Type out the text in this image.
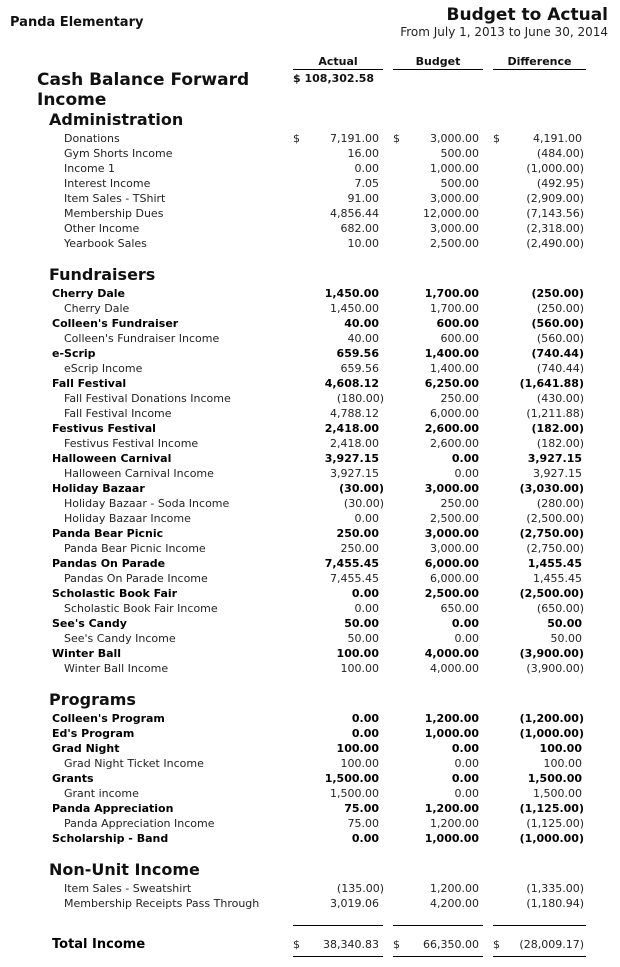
Panda Elementary	Budget to Actual
From July 1, 2013 to June 30, 2014
Actual	Budget	Difference
Cash Balance Forward	$ 108,302.58
Income
Administration
Donations	7,191.00	3,000.00	4,191.00
$	$	$
Gym Shorts Income	16.00	500.00	(484.00)
Income 1	0.00	1,000.00	(1,000.00)
Interest Income	7.05	500.00	(492.95)
Item Sales - TShirt	91.00	3,000.00	(2,909.00)
Membership Dues	4,856.44	12,000.00	(7,143.56)
Other Income	682.00	3,000.00	(2,318.00)
Yearbook Sales	10.00	2,500.00	(2,490.00)
Fundraisers
Cherry Dale	1,450.00	1,700.00	(250.00)
Cherry Dale	1,450.00	1,700.00	(250.00)
Colleen's Fundraiser	40.00	600.00	(560.00)
Colleen's Fundraiser Income	40.00	600.00	(560.00)
e-Scrip	659.56	1,400.00	(740.44)
eScrip Income	659.56	1,400.00	(740.44)
Fall Festival	4,608.12	6,250.00	(1,641.88)
Fall Festival Donations Income	(180.00)	250.00	(430.00)
Fall Festival Income	4,788.12	6,000.00	(1,211.88)
Festivus Festival	2,418.00	2,600.00	(182.00)
Festivus Festival Income	2,418.00	2,600.00	(182.00)
Halloween Carnival	3,927.15	0.00	3,927.15
Halloween Carnival Income	3,927.15	0.00	3,927.15
Holiday Bazaar	(30.00)	3,000.00	(3,030.00)
Holiday Bazaar - Soda Income	(30.00)	250.00	(280.00)
Holiday Bazaar Income	0.00	2,500.00	(2,500.00)
Panda Bear Picnic	250.00	3,000.00	(2,750.00)
Panda Bear Picnic Income	250.00	3,000.00	(2,750.00)
Pandas On Parade	7,455.45	6,000.00	1,455.45
Pandas On Parade Income	7,455.45	6,000.00	1,455.45
Scholastic Book Fair	0.00	2,500.00	(2,500.00)
Scholastic Book Fair Income	0.00	650.00	(650.00)
See's Candy	50.00	0.00	50.00
See's Candy Income	50.00	0.00	50.00
Winter Ball	100.00	4,000.00	(3,900.00)
Winter Ball Income	100.00	4,000.00	(3,900.00)
Programs
Colleen's Program	0.00	1,200.00	(1,200.00)
Ed's Program	0.00	1,000.00	(1,000.00)
Grad Night	100.00	0.00	100.00
Grad Night Ticket Income	100.00	0.00	100.00
Grants	1,500.00	0.00	1,500.00
Grant income	1,500.00	0.00	1,500.00
Panda Appreciation	75.00	1,200.00	(1,125.00)
Panda Appreciation Income	75.00	1,200.00	(1,125.00)
Scholarship - Band	0.00	1,000.00	(1,000.00)
Non-Unit Income
Item Sales - Sweatshirt	(135.00)	1,200.00	(1,335.00)
Membership Receipts Pass Through	3,019.06	4,200.00	(1,180.94)
Total Income	$ 38,340.83 $ 66,350.00 $ (28,009.17)
